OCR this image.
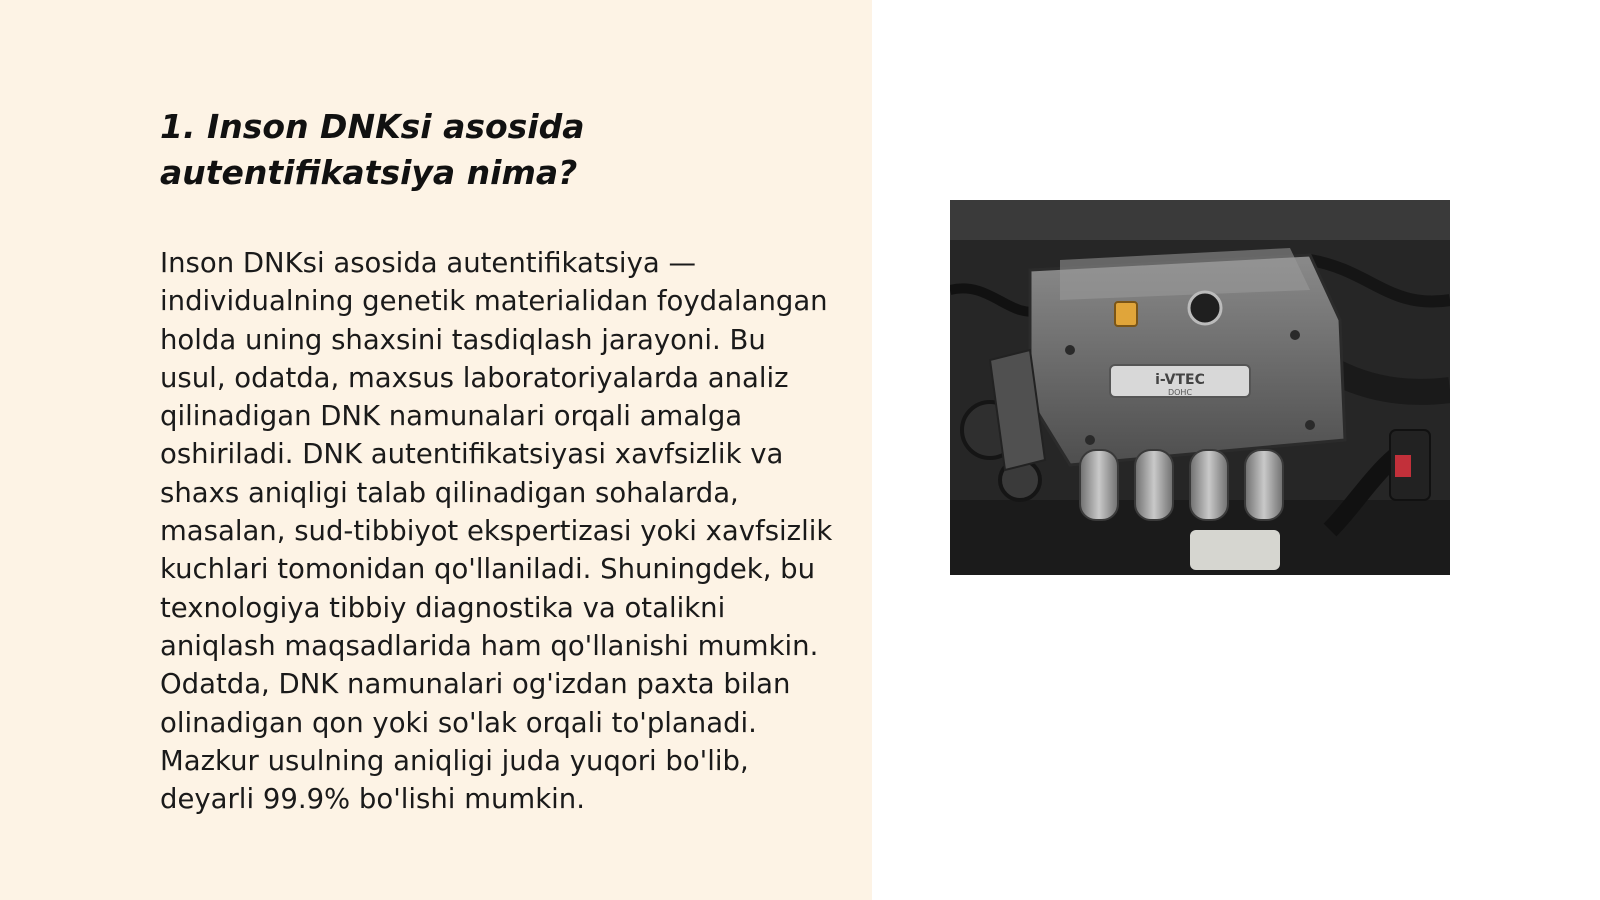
1. Inson DNKsi asosida autentifikatsiya nima?

Inson DNKsi asosida autentifikatsiya — individualning genetik materialidan foydalangan holda uning shaxsini tasdiqlash jarayoni. Bu usul, odatda, maxsus laboratoriyalarda analiz qilinadigan DNK namunalari orqali amalga oshiriladi. DNK autentifikatsiyasi xavfsizlik va shaxs aniqligi talab qilinadigan sohalarda, masalan, sud-tibbiyot ekspertizasi yoki xavfsizlik kuchlari tomonidan qo'llaniladi. Shuningdek, bu texnologiya tibbiy diagnostika va otalikni aniqlash maqsadlarida ham qo'llanishi mumkin. Odatda, DNK namunalari og'izdan paxta bilan olinadigan qon yoki so'lak orqali to'planadi. Mazkur usulning aniqligi juda yuqori bo'lib, deyarli 99.9% bo'lishi mumkin.

i-VTEC
DOHC
